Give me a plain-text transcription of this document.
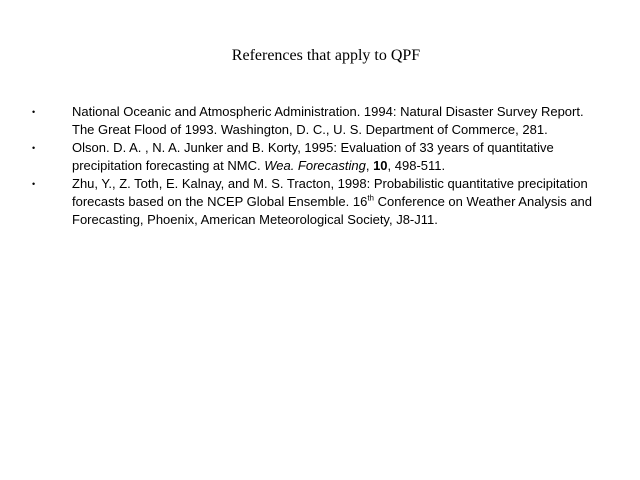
References that apply to QPF
•	National Oceanic and Atmospheric Administration. 1994: Natural Disaster Survey Report. The Great Flood of 1993. Washington, D. C., U. S. Department of Commerce, 281.
•	Olson. D. A. , N. A. Junker and B. Korty, 1995: Evaluation of 33 years of quantitative precipitation forecasting at NMC. Wea. Forecasting, 10, 498-511.
•	Zhu, Y., Z. Toth, E. Kalnay, and M. S. Tracton, 1998: Probabilistic quantitative precipitation forecasts based on the NCEP Global Ensemble. 16th Conference on Weather Analysis and Forecasting, Phoenix, American Meteorological Society, J8-J11.
